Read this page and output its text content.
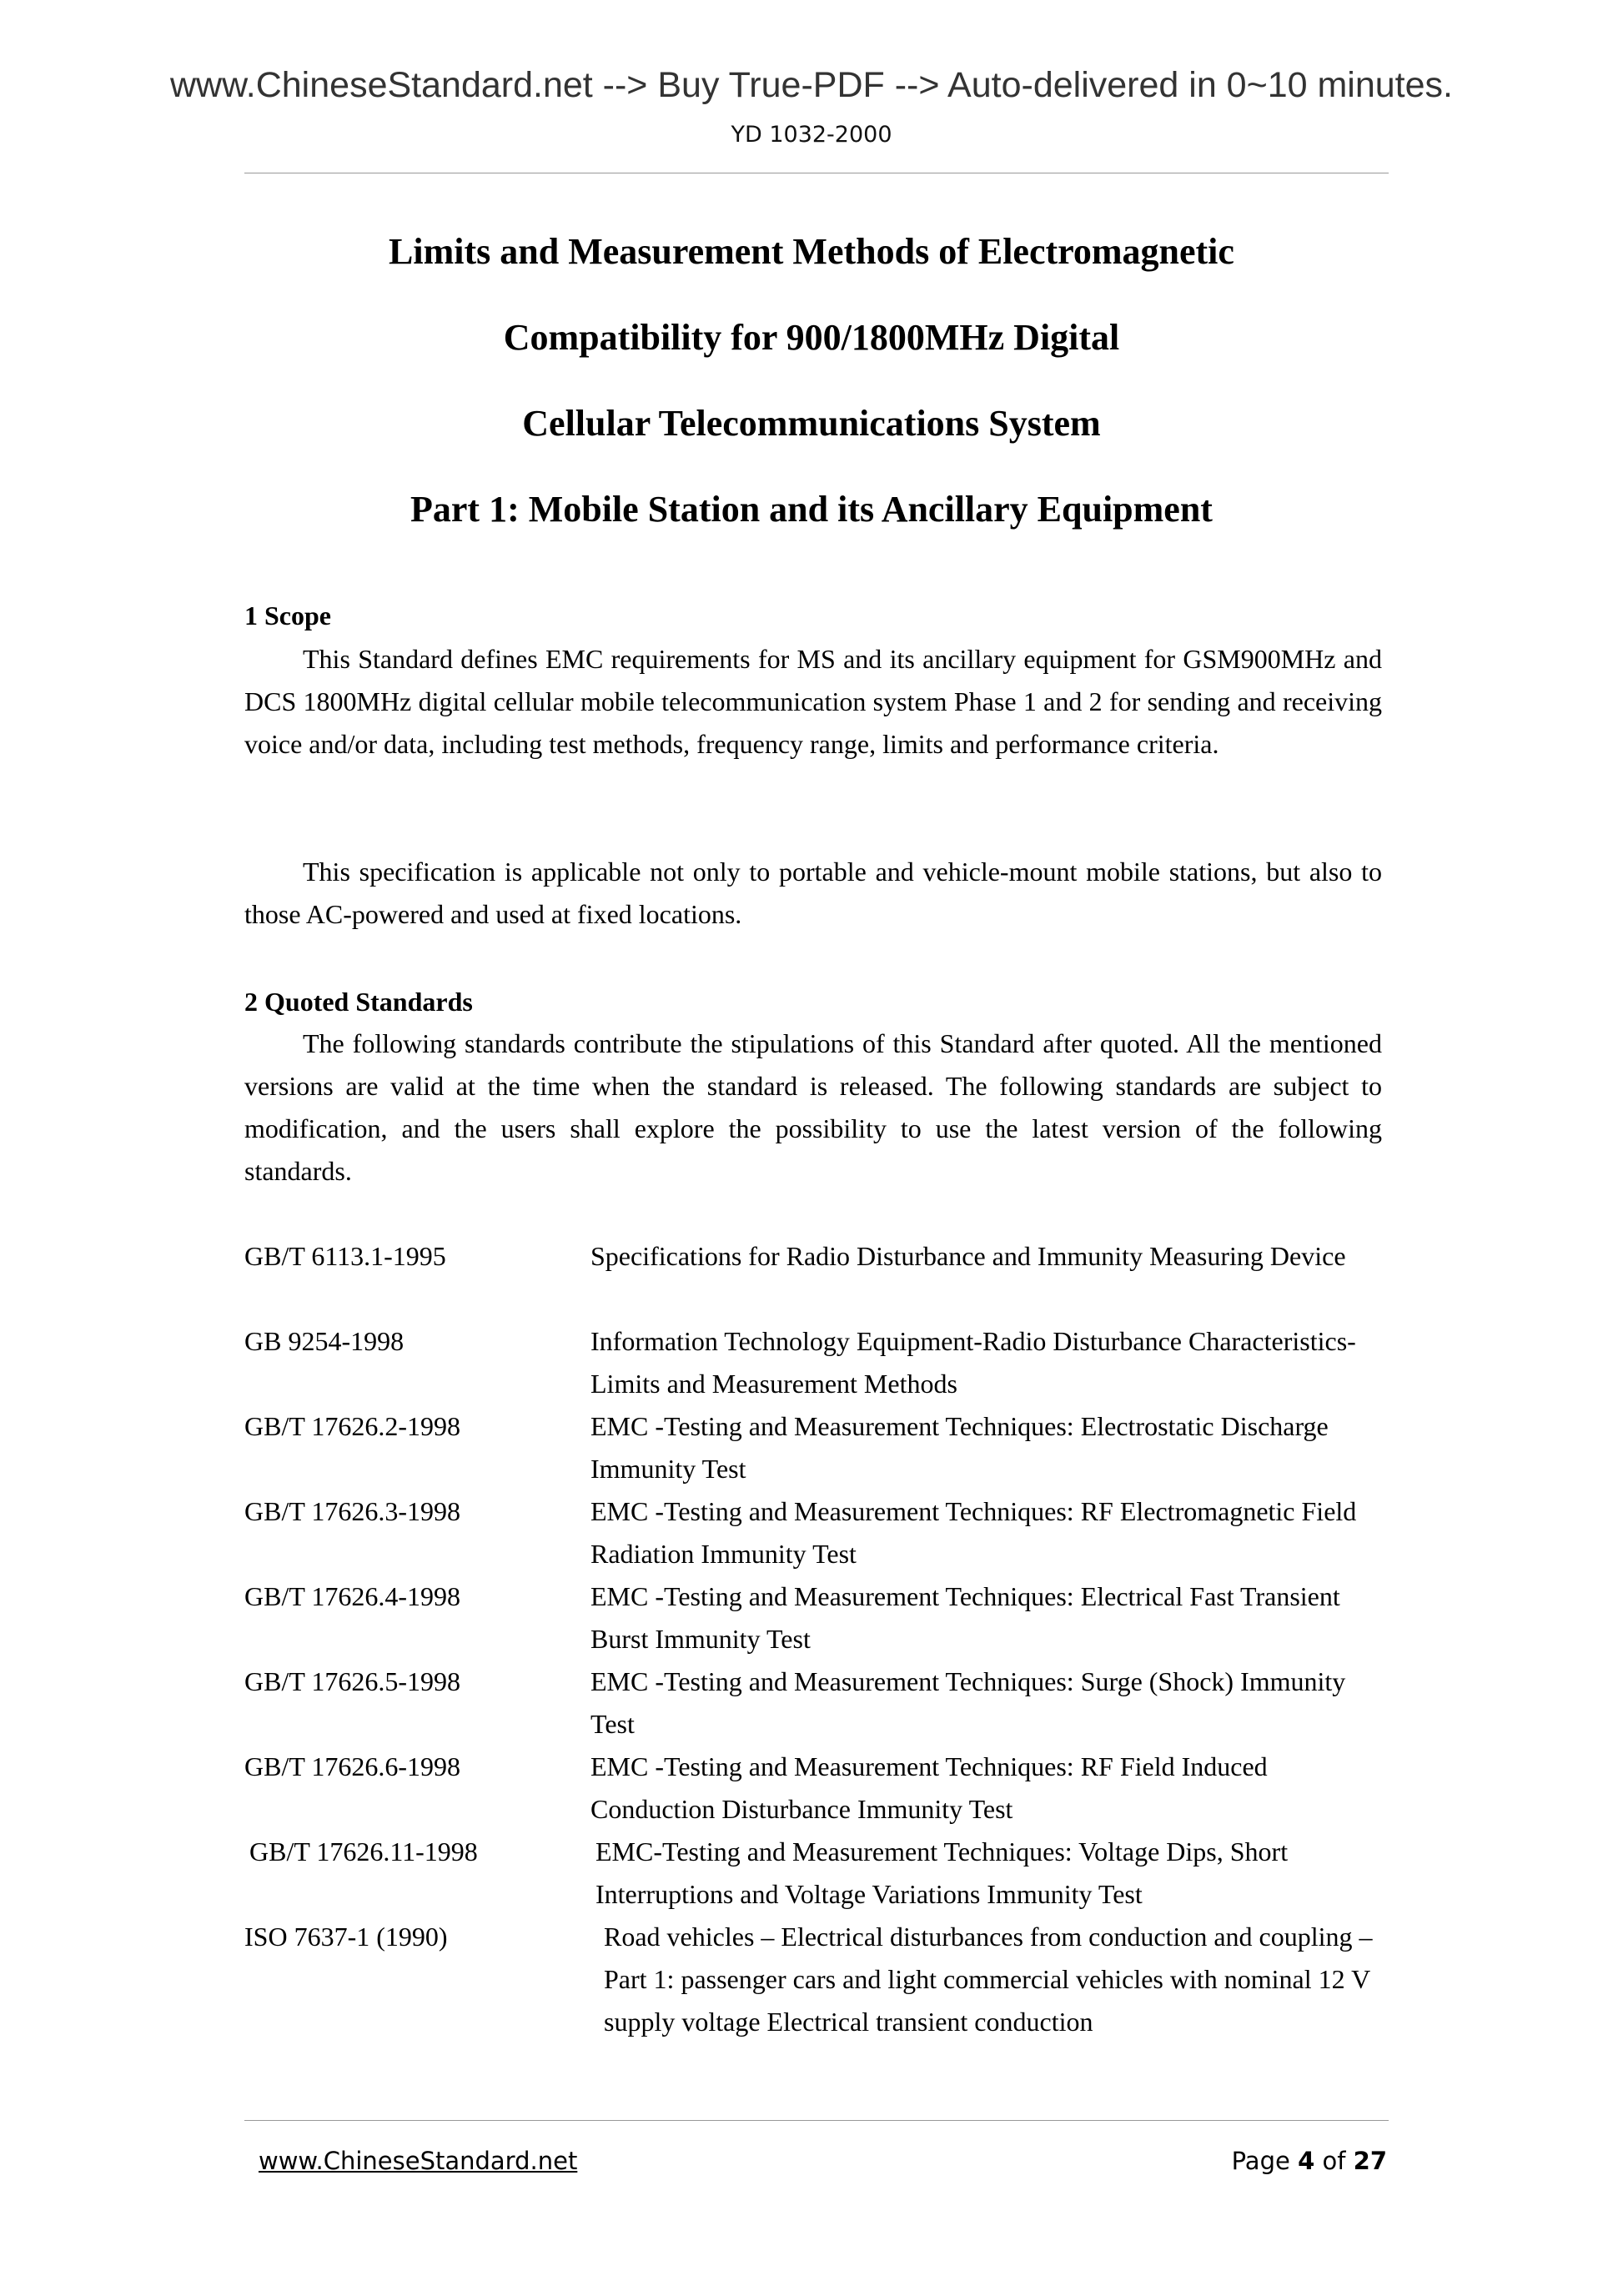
www.ChineseStandard.net --> Buy True-PDF --> Auto-delivered in 0~10 minutes.
YD 1032-2000
Limits and Measurement Methods of Electromagnetic
Compatibility for 900/1800MHz Digital
Cellular Telecommunications System
Part 1: Mobile Station and its Ancillary Equipment
1 Scope
This Standard defines EMC requirements for MS and its ancillary equipment for GSM900MHz and DCS 1800MHz digital cellular mobile telecommunication system Phase 1 and 2 for sending and receiving voice and/or data, including test methods, frequency range, limits and performance criteria.
This specification is applicable not only to portable and vehicle-mount mobile stations, but also to those AC-powered and used at fixed locations.
2 Quoted Standards
The following standards contribute the stipulations of this Standard after quoted. All the mentioned versions are valid at the time when the standard is released. The following standards are subject to modification, and the users shall explore the possibility to use the latest version of the following standards.
GB/T 6113.1-1995	Specifications for Radio Disturbance and Immunity Measuring Device
GB 9254-1998	Information Technology Equipment-Radio Disturbance Characteristics- Limits and Measurement Methods
GB/T 17626.2-1998	EMC -Testing and Measurement Techniques: Electrostatic Discharge Immunity Test
GB/T 17626.3-1998	EMC -Testing and Measurement Techniques: RF Electromagnetic Field Radiation Immunity Test
GB/T 17626.4-1998	EMC -Testing and Measurement Techniques: Electrical Fast Transient Burst Immunity Test
GB/T 17626.5-1998	EMC -Testing and Measurement Techniques: Surge (Shock) Immunity Test
GB/T 17626.6-1998	EMC -Testing and Measurement Techniques: RF Field Induced Conduction Disturbance Immunity Test
GB/T 17626.11-1998	EMC-Testing and Measurement Techniques: Voltage Dips, Short Interruptions and Voltage Variations Immunity Test
ISO 7637-1 (1990)	Road vehicles – Electrical disturbances from conduction and coupling – Part 1: passenger cars and light commercial vehicles with nominal 12 V supply voltage Electrical transient conduction
www.ChineseStandard.net	Page 4 of 27
